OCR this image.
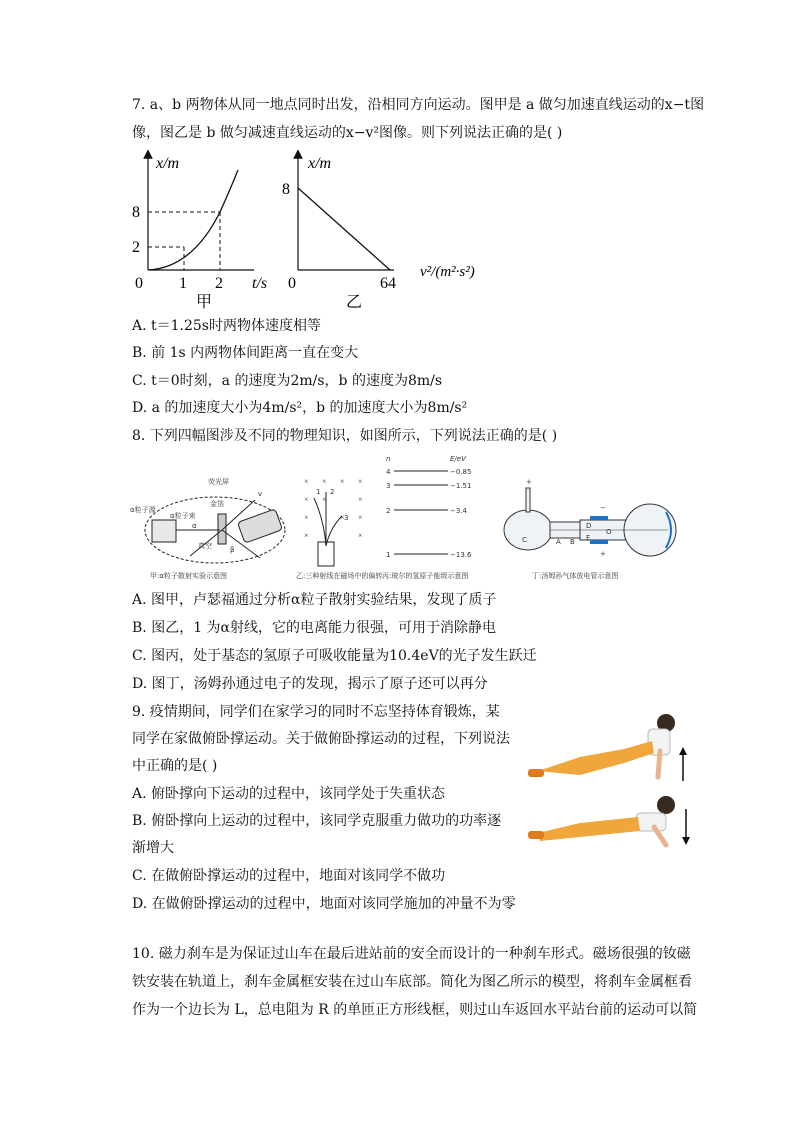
7. a、b 两物体从同一地点同时出发，沿相同方向运动。图甲是 a 做匀加速直线运动的x−t图
像，图乙是 b 做匀减速直线运动的x−v²图像。则下列说法正确的是( )
x/m
8
2
0 1 2 t/s
甲
x/m
8
0	64
v²/(m²·s²)
乙
A. t＝1.25s时两物体速度相等
B. 前 1s 内两物体间距离一直在变大
C. t＝0时刻，a 的速度为2m/s，b 的速度为8m/s
D. a 的加速度大小为4m/s²，b 的加速度大小为8m/s²
8. 下列四幅图涉及不同的物理知识，如图所示，下列说法正确的是( )
荧光屏
金箔
α粒子源
α粒子束
真空
α
β
v
甲:α粒子散射实验示意图
× × × ×
× ×	×
×	× ×
×	×
2
1
3
乙:三种射线在磁场中的偏转
n	E/eV
4	−0.85
3	−1.51
2	−3.4
1	−13.6
丙:玻尔的氢原子能级示意图
C	A B
D
E
O
+
−
+
丁:汤姆孙气体放电管示意图
A. 图甲，卢瑟福通过分析α粒子散射实验结果，发现了质子
B. 图乙，1 为α射线，它的电离能力很强，可用于消除静电
C. 图丙，处于基态的氢原子可吸收能量为10.4eV的光子发生跃迁
D. 图丁，汤姆孙通过电子的发现，揭示了原子还可以再分
9. 疫情期间，同学们在家学习的同时不忘坚持体育锻炼，某
同学在家做俯卧撑运动。关于做俯卧撑运动的过程，下列说法
中正确的是( )
A. 俯卧撑向下运动的过程中，该同学处于失重状态
B. 俯卧撑向上运动的过程中，该同学克服重力做功的功率逐
渐增大
C. 在做俯卧撑运动的过程中，地面对该同学不做功
D. 在做俯卧撑运动的过程中，地面对该同学施加的冲量不为零
10. 磁力刹车是为保证过山车在最后进站前的安全而设计的一种刹车形式。磁场很强的钕磁
铁安装在轨道上，刹车金属框安装在过山车底部。简化为图乙所示的模型，将刹车金属框看
作为一个边长为 L，总电阻为 R 的单匝正方形线框，则过山车返回水平站台前的运动可以简
